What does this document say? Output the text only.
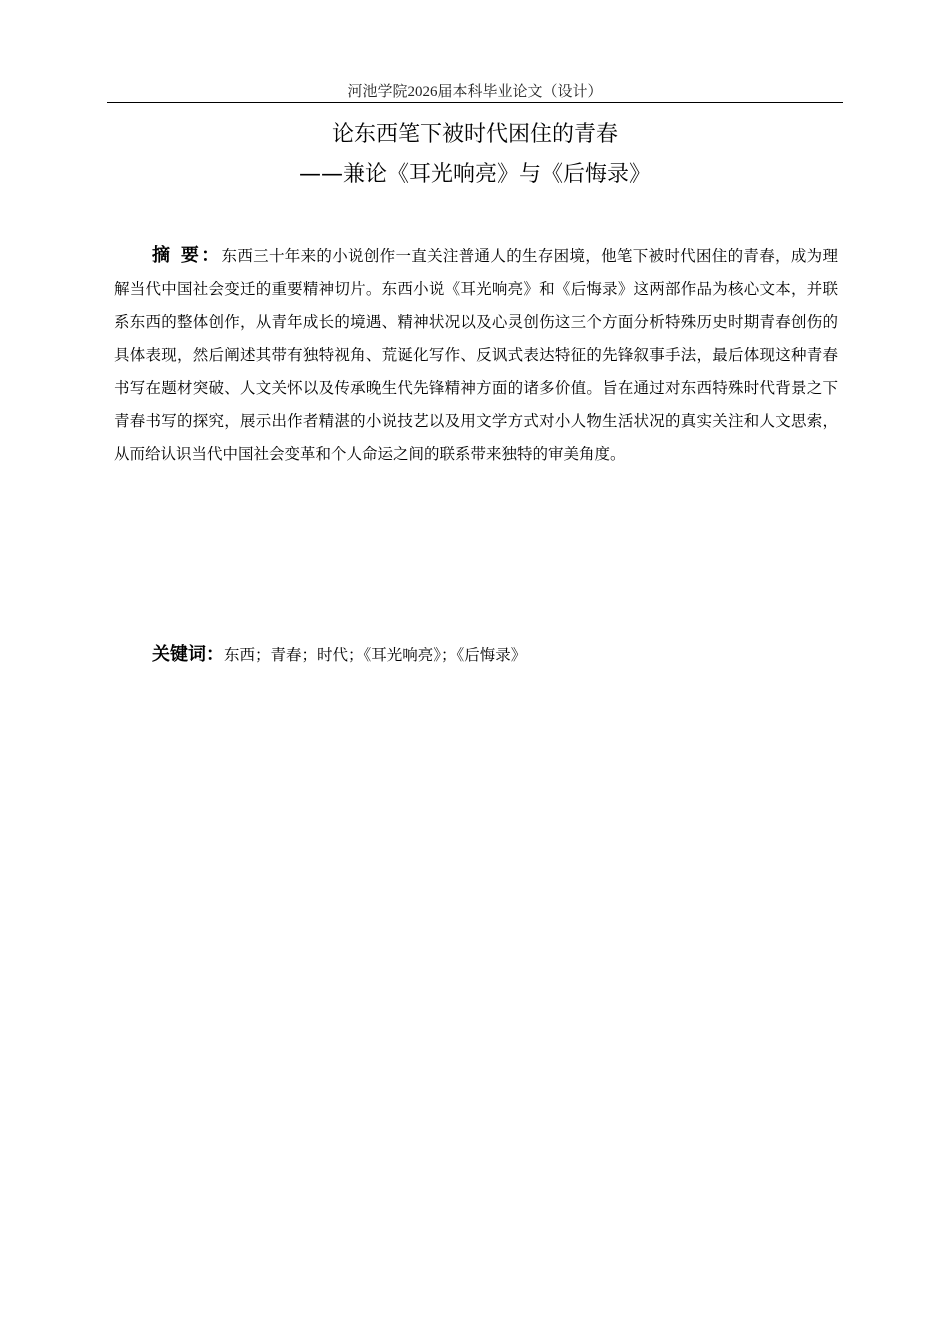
河池学院2026届本科毕业论文（设计）
论东西笔下被时代困住的青春
——兼论《耳光响亮》与《后悔录》

摘 要：东西三十年来的小说创作一直关注普通人的生存困境，他笔下被时代困住的青春，成为理解当代中国社会变迁的重要精神切片。东西小说《耳光响亮》和《后悔录》这两部作品为核心文本，并联系东西的整体创作，从青年成长的境遇、精神状况以及心灵创伤这三个方面分析特殊历史时期青春创伤的具体表现，然后阐述其带有独特视角、荒诞化写作、反讽式表达特征的先锋叙事手法，最后体现这种青春书写在题材突破、人文关怀以及传承晚生代先锋精神方面的诸多价值。旨在通过对东西特殊时代背景之下青春书写的探究，展示出作者精湛的小说技艺以及用文学方式对小人物生活状况的真实关注和人文思索，从而给认识当代中国社会变革和个人命运之间的联系带来独特的审美角度。

关键词：东西；青春；时代；《耳光响亮》；《后悔录》
